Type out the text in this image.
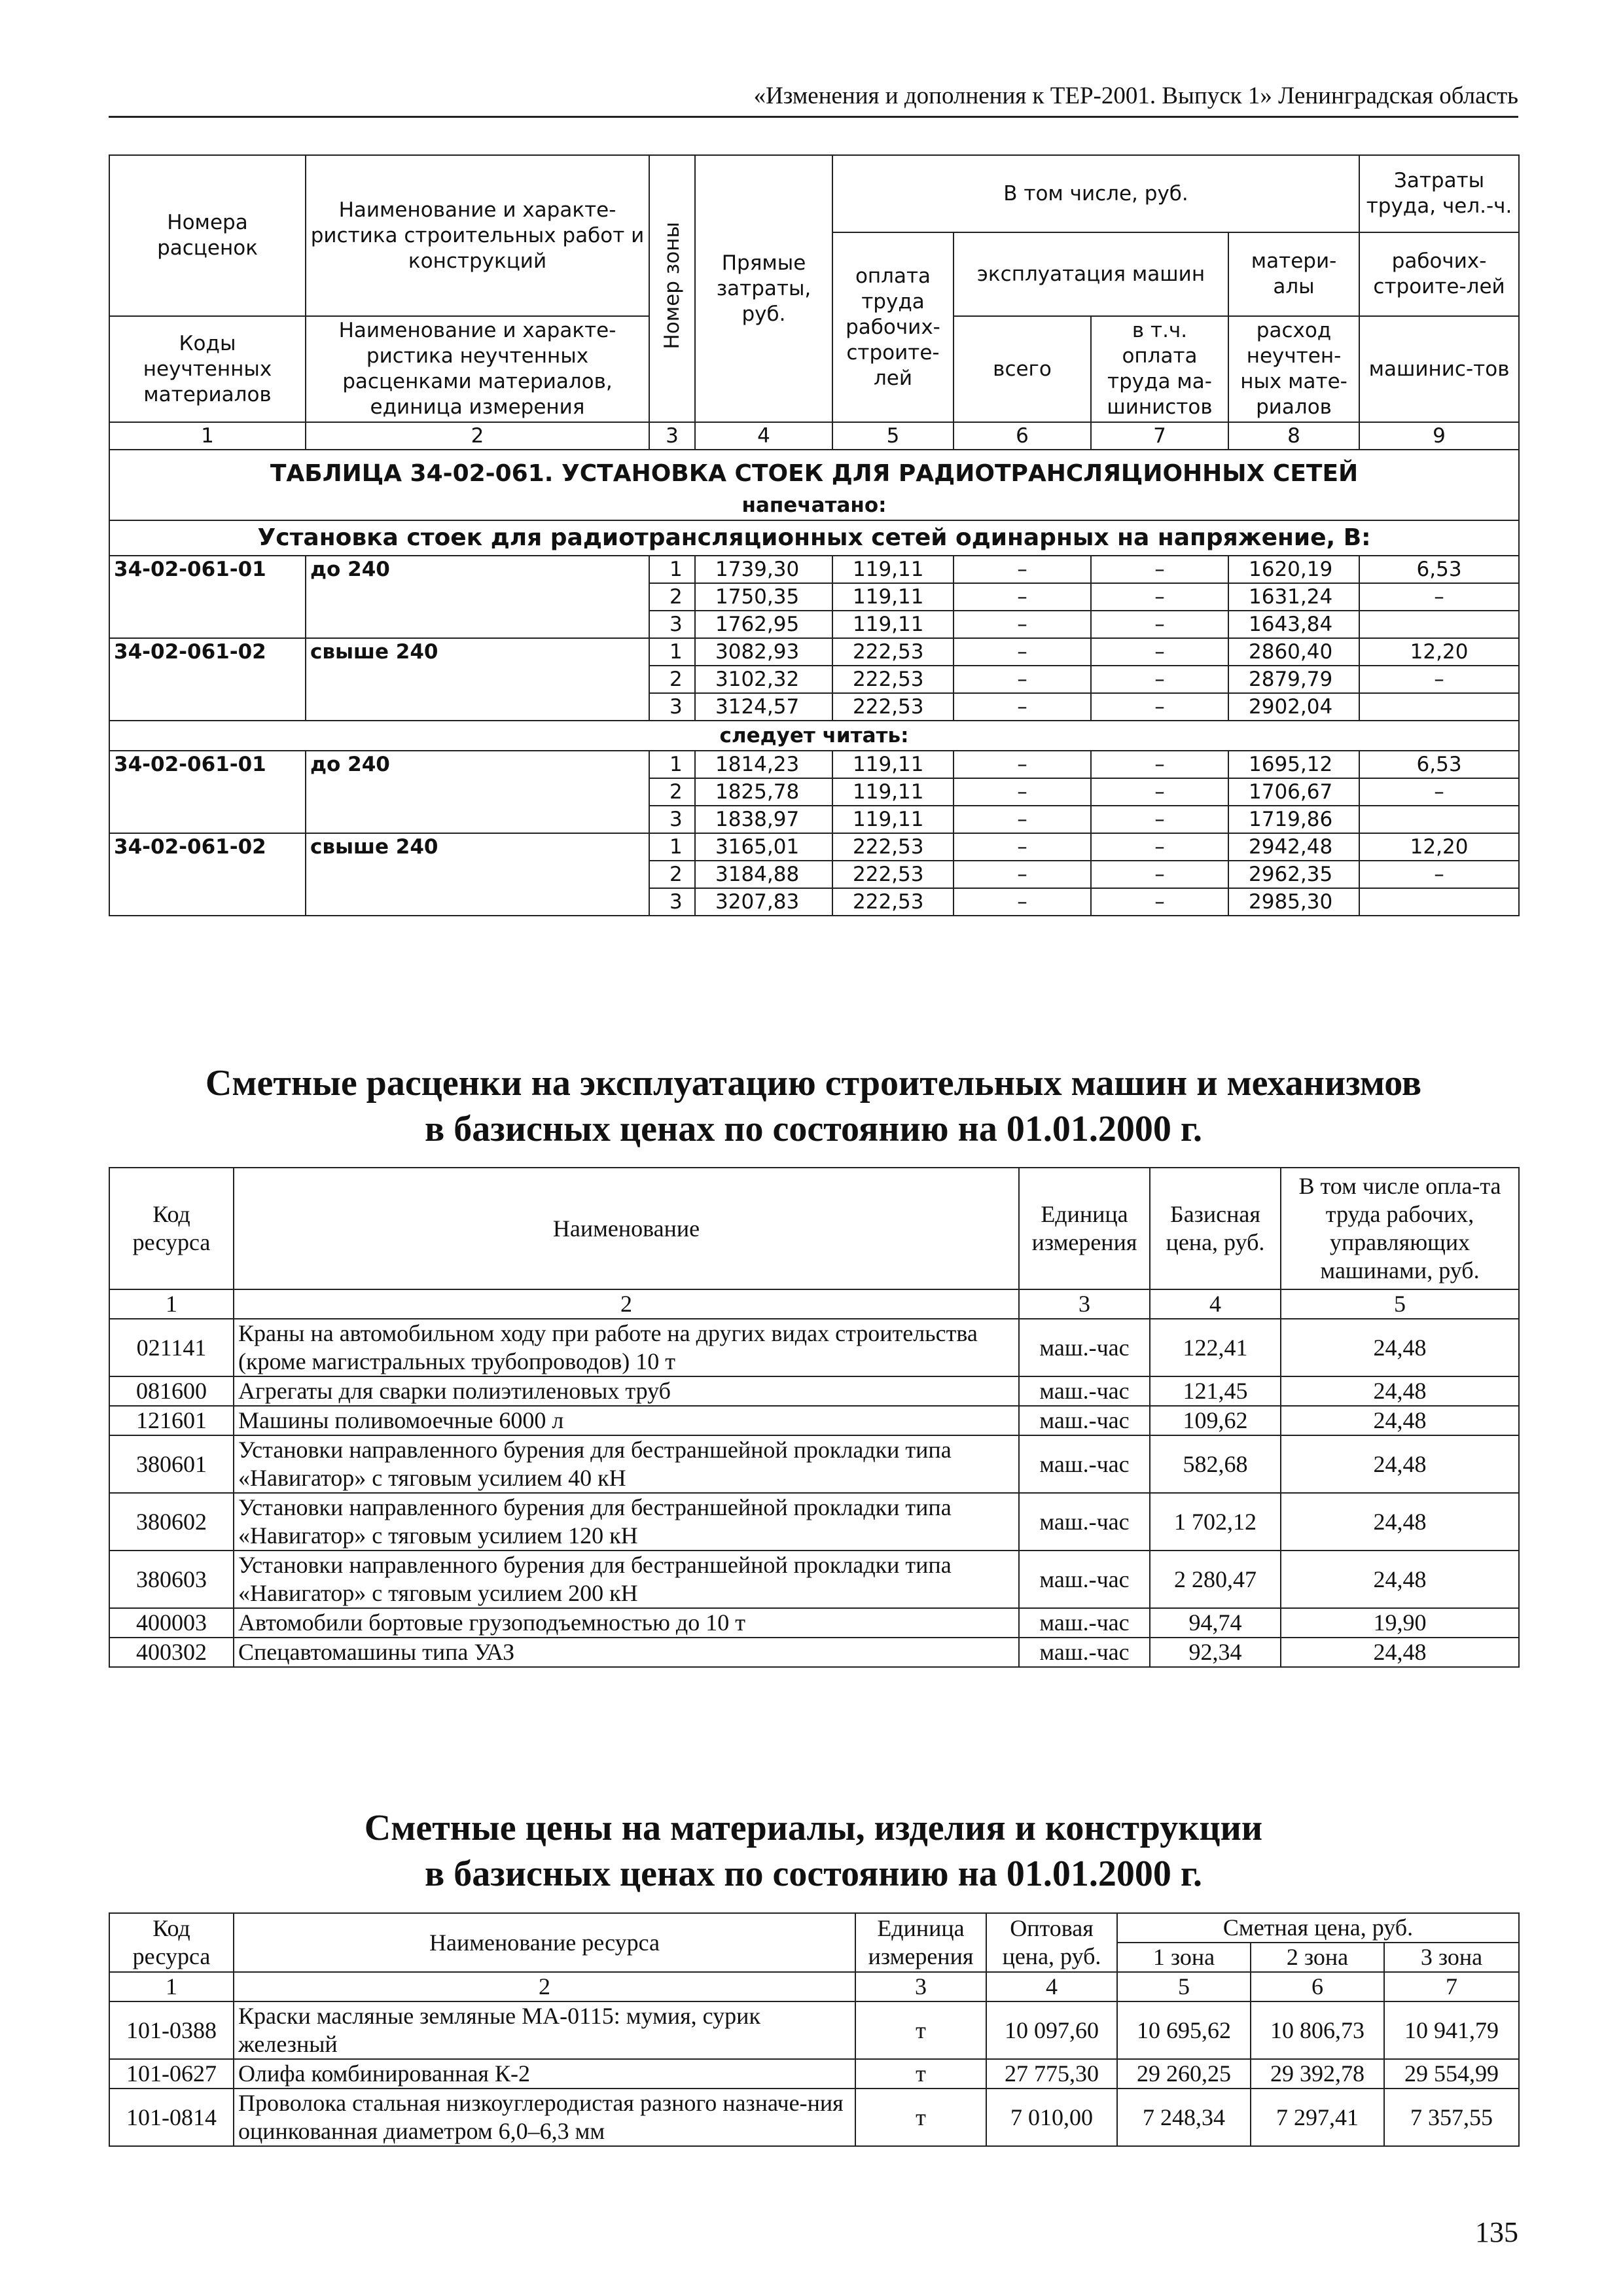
«Изменения и дополнения к ТЕР-2001. Выпуск 1» Ленинградская область
Номера расценок	Наименование и характе-ристика строительных работ и конструкций	Номер зоны	Прямые затраты, руб.	В том числе, руб.				Затраты труда, чел.-ч.
				оплата труда рабочих-строите-лей	эксплуатация машин		матери-алы	рабочих-строите-лей
Коды неучтенных материалов	Наименование и характе-ристика неучтенных расценками материалов, единица измерения				всего	в т.ч. оплата труда ма-шинистов	расход неучтен-ных мате-риалов	машинис-тов

1	2	3	4	5	6	7	8	9

ТАБЛИЦА 34-02-061. УСТАНОВКА СТОЕК ДЛЯ РАДИОТРАНСЛЯЦИОННЫХ СЕТЕЙ
напечатано:								

Установка стоек для радиотрансляционных сетей одинарных на напряжение, В:								
34-02-061-01	до 240	1	1739,30	119,11	–	–	1620,19	6,53
		2	1750,35	119,11	–	–	1631,24	–
		3	1762,95	119,11	–	–	1643,84	
34-02-061-02	свыше 240	1	3082,93	222,53	–	–	2860,40	12,20
		2	3102,32	222,53	–	–	2879,79	–
		3	3124,57	222,53	–	–	2902,04	
следует читать:								
34-02-061-01	до 240	1	1814,23	119,11	–	–	1695,12	6,53
		2	1825,78	119,11	–	–	1706,67	–
		3	1838,97	119,11	–	–	1719,86	
34-02-061-02	свыше 240	1	3165,01	222,53	–	–	2942,48	12,20
		2	3184,88	222,53	–	–	2962,35	–
		3	3207,83	222,53	–	–	2985,30	
Сметные расценки на эксплуатацию строительных машин и механизмов
в базисных ценах по состоянию на 01.01.2000 г.
Код ресурса	Наименование	Единица измерения	Базисная цена, руб.	В том числе опла-та труда рабочих, управляющих машинами, руб.
1	2	3	4	5
021141	Краны на автомобильном ходу при работе на других видах строительства (кроме магистральных трубопроводов) 10 т	маш.-час	122,41	24,48
081600	Агрегаты для сварки полиэтиленовых труб	маш.-час	121,45	24,48
121601	Машины поливомоечные 6000 л	маш.-час	109,62	24,48
380601	Установки направленного бурения для бестраншейной прокладки типа «Навигатор» с тяговым усилием 40 кН	маш.-час	582,68	24,48
380602	Установки направленного бурения для бестраншейной прокладки типа «Навигатор» с тяговым усилием 120 кН	маш.-час	1 702,12	24,48
380603	Установки направленного бурения для бестраншейной прокладки типа «Навигатор» с тяговым усилием 200 кН	маш.-час	2 280,47	24,48
400003	Автомобили бортовые грузоподъемностью до 10 т	маш.-час	94,74	19,90
400302	Спецавтомашины типа УАЗ	маш.-час	92,34	24,48
Сметные цены на материалы, изделия и конструкции
в базисных ценах по состоянию на 01.01.2000 г.
Код ресурса	Наименование ресурса	Единица измерения	Оптовая цена, руб.	Сметная цена, руб.		
				1 зона	2 зона	3 зона
1	2	3	4	5	6	7
101-0388	Краски масляные земляные МА-0115: мумия, сурик железный	т	10 097,60	10 695,62	10 806,73	10 941,79
101-0627	Олифа комбинированная К-2	т	27 775,30	29 260,25	29 392,78	29 554,99
101-0814	Проволока стальная низкоуглеродистая разного назначе-ния оцинкованная диаметром 6,0–6,3 мм	т	7 010,00	7 248,34	7 297,41	7 357,55
135
